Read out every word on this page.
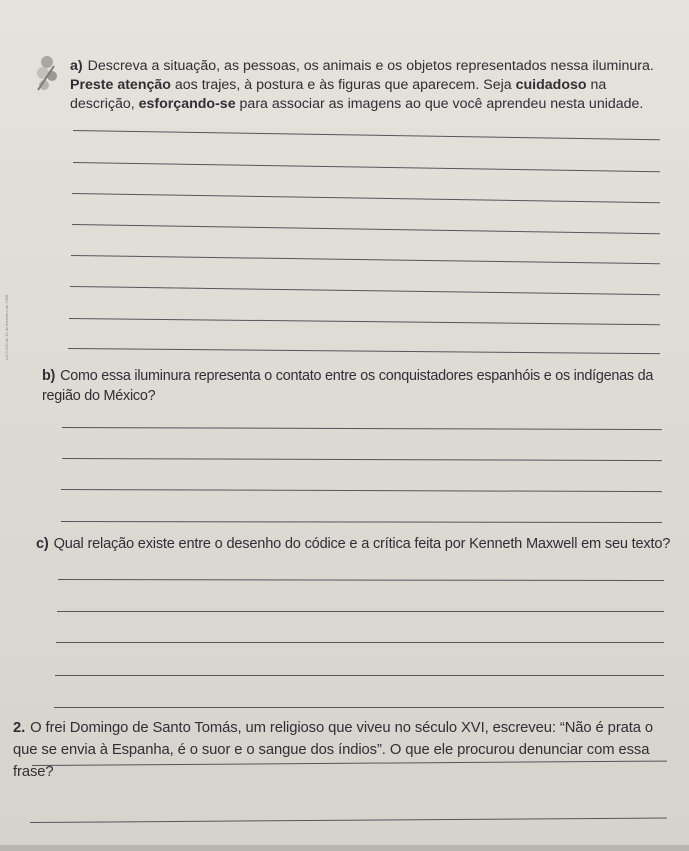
a) Descreva a situação, as pessoas, os animais e os objetos representados nessa iluminura. Preste atenção aos trajes, à postura e às figuras que aparecem. Seja cuidadoso na descrição, esforçando-se para associar as imagens ao que você aprendeu nesta unidade.
b) Como essa iluminura representa o contato entre os conquistadores espanhóis e os indígenas da região do México?
c) Qual relação existe entre o desenho do códice e a crítica feita por Kenneth Maxwell em seu texto?
2. O frei Domingo de Santo Tomás, um religioso que viveu no século XVI, escreveu: “Não é prata o que se envia à Espanha, é o suor e o sangue dos índios”. O que ele procurou denunciar com essa frase?
Lei 9.610 de 19 de fevereiro de 1998
